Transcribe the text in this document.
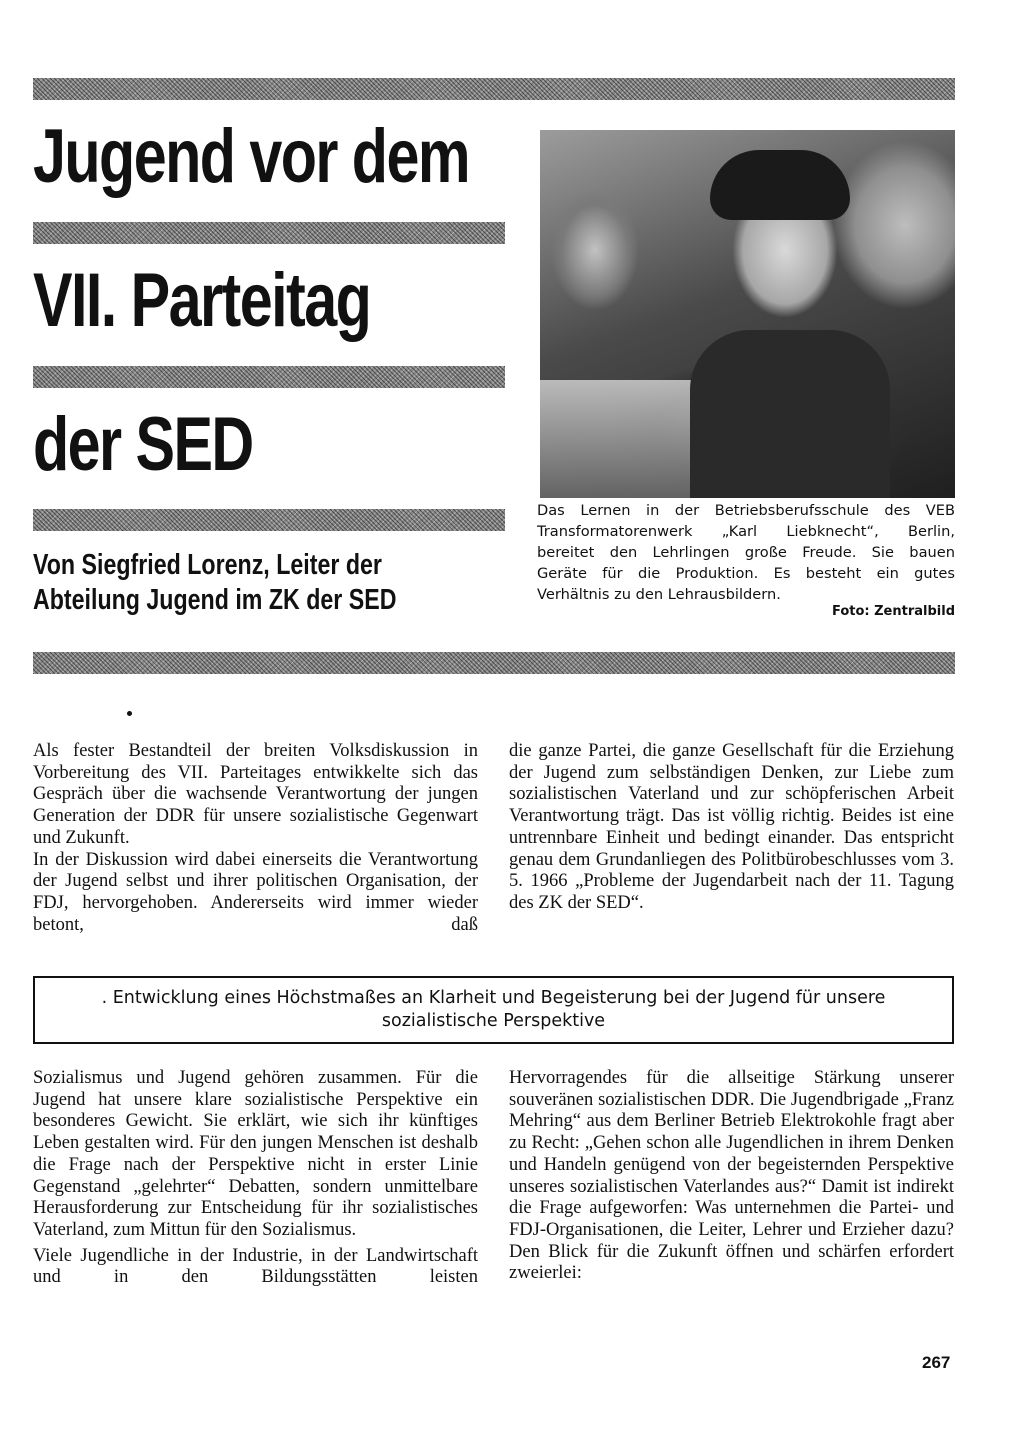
Jugend vor dem
VII. Parteitag
der SED
Von Siegfried Lorenz, Leiter der
Abteilung Jugend im ZK der SED
Das Lernen in der Betriebsberufsschule des VEB
Transformatorenwerk „Karl Liebknecht“, Berlin,
bereitet den Lehrlingen große Freude. Sie bauen
Geräte für die Produktion. Es besteht ein gutes
Verhältnis zu den Lehrausbildern.
Foto: Zentralbild

Als fester Bestandteil der breiten Volksdiskussion in Vorbereitung des VII. Parteitages entwikkelte sich das Gespräch über die wachsende Verantwortung der jungen Generation der DDR für unsere sozialistische Gegenwart und Zukunft.

In der Diskussion wird dabei einerseits die Verantwortung der Jugend selbst und ihrer politischen Organisation, der FDJ, hervorgehoben. Andererseits wird immer wieder betont, daß

die ganze Partei, die ganze Gesellschaft für die Erziehung der Jugend zum selbständigen Denken, zur Liebe zum sozialistischen Vaterland und zur schöpferischen Arbeit Verantwortung trägt. Das ist völlig richtig. Beides ist eine untrennbare Einheit und bedingt einander. Das entspricht genau dem Grundanliegen des Politbürobeschlusses vom 3. 5. 1966 „Probleme der Jugendarbeit nach der 11. Tagung des ZK der SED“.

. Entwicklung eines Höchstmaßes an Klarheit und Begeisterung bei der Jugend für unsere
sozialistische Perspektive

Sozialismus und Jugend gehören zusammen. Für die Jugend hat unsere klare sozialistische Perspektive ein besonderes Gewicht. Sie erklärt, wie sich ihr künftiges Leben gestalten wird. Für den jungen Menschen ist deshalb die Frage nach der Perspektive nicht in erster Linie Gegenstand „gelehrter“ Debatten, sondern unmittelbare Herausforderung zur Entscheidung für ihr sozialistisches Vaterland, zum Mittun für den Sozialismus.

Viele Jugendliche in der Industrie, in der Landwirtschaft und in den Bildungsstätten leisten

Hervorragendes für die allseitige Stärkung unserer souveränen sozialistischen DDR. Die Jugendbrigade „Franz Mehring“ aus dem Berliner Betrieb Elektrokohle fragt aber zu Recht: „Gehen schon alle Jugendlichen in ihrem Denken und Handeln genügend von der begeisternden Perspektive unseres sozialistischen Vaterlandes aus?“ Damit ist indirekt die Frage aufgeworfen: Was unternehmen die Partei- und FDJ-Organisationen, die Leiter, Lehrer und Erzieher dazu? Den Blick für die Zukunft öffnen und schärfen erfordert zweierlei:

267
